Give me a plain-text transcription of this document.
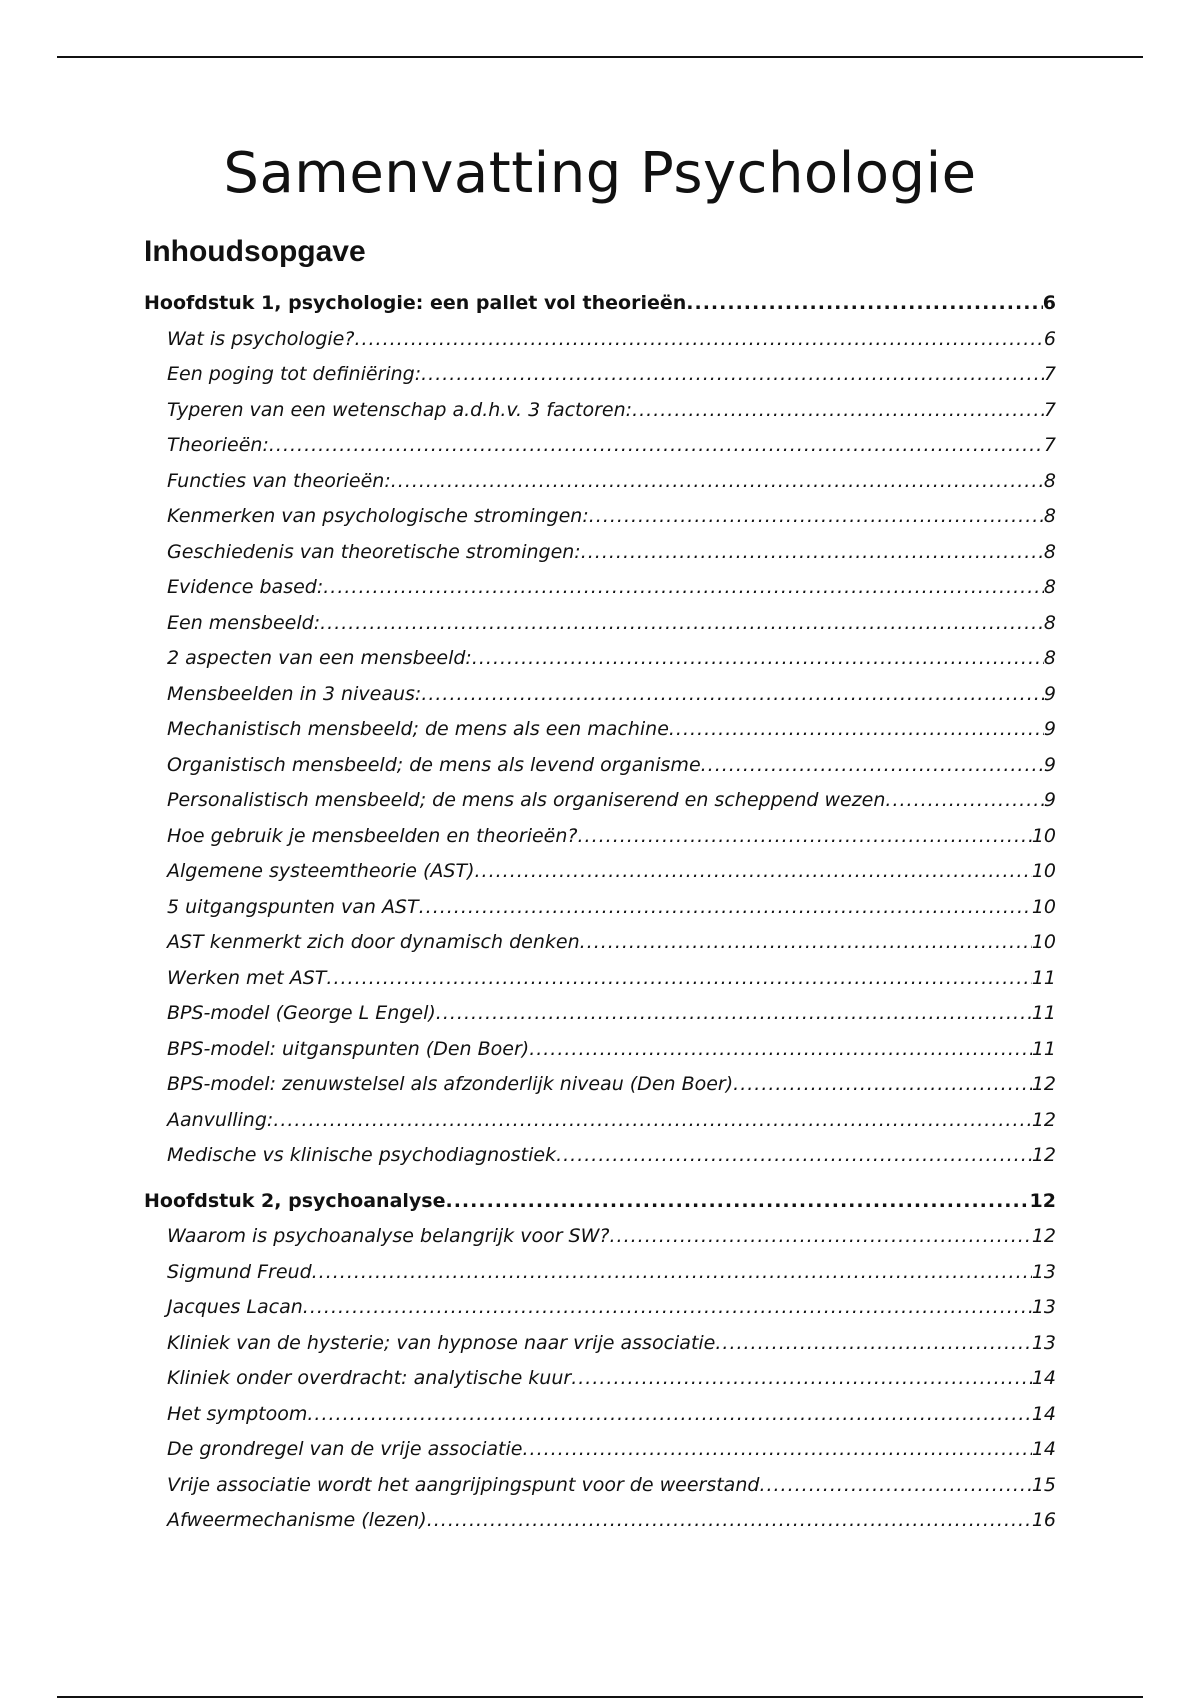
Samenvatting Psychologie
Inhoudsopgave
Hoofdstuk 1, psychologie: een pallet vol theorieën .....	6
Wat is psychologie? .....	6
Een poging tot definiëring: .....	7
Typeren van een wetenschap a.d.h.v. 3 factoren: .....	7
Theorieën: .....	7
Functies van theorieën: .....	8
Kenmerken van psychologische stromingen: .....	8
Geschiedenis van theoretische stromingen: .....	8
Evidence based: .....	8
Een mensbeeld: .....	8
2 aspecten van een mensbeeld: .....	8
Mensbeelden in 3 niveaus: .....	9
Mechanistisch mensbeeld; de mens als een machine .....	9
Organistisch mensbeeld; de mens als levend organisme .....	9
Personalistisch mensbeeld; de mens als organiserend en scheppend wezen .....	9
Hoe gebruik je mensbeelden en theorieën? .....	10
Algemene systeemtheorie (AST) .....	10
5 uitgangspunten van AST .....	10
AST kenmerkt zich door dynamisch denken .....	10
Werken met AST .....	11
BPS-model (George L Engel) .....	11
BPS-model: uitganspunten (Den Boer) .....	11
BPS-model: zenuwstelsel als afzonderlijk niveau (Den Boer) .....	12
Aanvulling: .....	12
Medische vs klinische psychodiagnostiek .....	12
Hoofdstuk 2, psychoanalyse .....	12
Waarom is psychoanalyse belangrijk voor SW? .....	12
Sigmund Freud .....	13
Jacques Lacan .....	13
Kliniek van de hysterie; van hypnose naar vrije associatie .....	13
Kliniek onder overdracht: analytische kuur .....	14
Het symptoom .....	14
De grondregel van de vrije associatie .....	14
Vrije associatie wordt het aangrijpingspunt voor de weerstand .....	15
Afweermechanisme (lezen) .....	16
